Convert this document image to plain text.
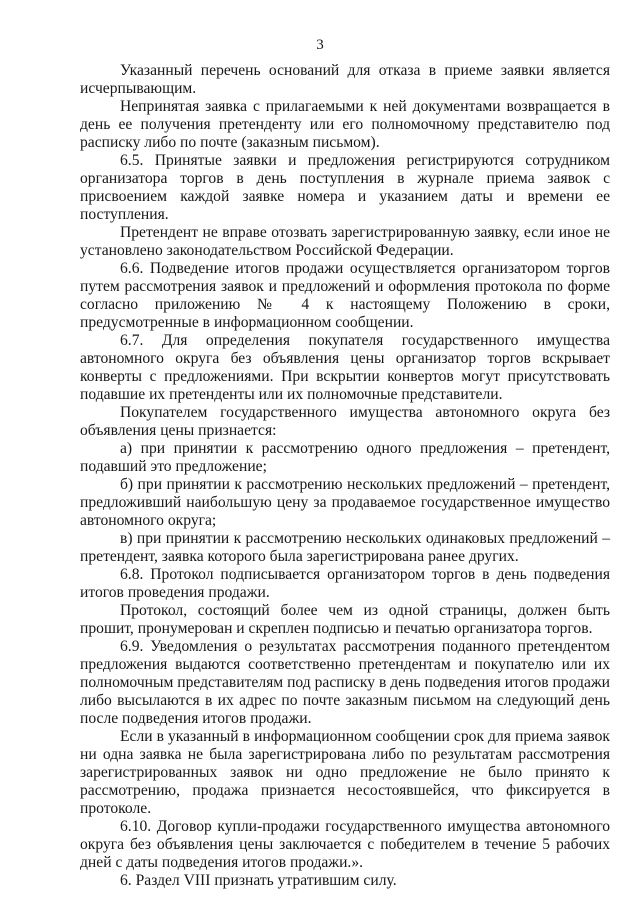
3

Указанный перечень оснований для отказа в приеме заявки является исчерпывающим.

Непринятая заявка с прилагаемыми к ней документами возвращается в день ее получения претенденту или его полномочному представителю под расписку либо по почте (заказным письмом).

6.5. Принятые заявки и предложения регистрируются сотрудником организатора торгов в день поступления в журнале приема заявок с присвоением каждой заявке номера и указанием даты и времени ее поступления.

Претендент не вправе отозвать зарегистрированную заявку, если иное не установлено законодательством Российской Федерации.

6.6. Подведение итогов продажи осуществляется организатором торгов путем рассмотрения заявок и предложений и оформления протокола по форме согласно приложению № 4 к настоящему Положению в сроки, предусмотренные в информационном сообщении.

6.7. Для определения покупателя государственного имущества автономного округа без объявления цены организатор торгов вскрывает конверты с предложениями. При вскрытии конвертов могут присутствовать подавшие их претенденты или их полномочные представители.

Покупателем государственного имущества автономного округа без объявления цены признается:

а) при принятии к рассмотрению одного предложения – претендент, подавший это предложение;

б) при принятии к рассмотрению нескольких предложений – претендент, предложивший наибольшую цену за продаваемое государственное имущество автономного округа;

в) при принятии к рассмотрению нескольких одинаковых предложений – претендент, заявка которого была зарегистрирована ранее других.

6.8. Протокол подписывается организатором торгов в день подведения итогов проведения продажи.

Протокол, состоящий более чем из одной страницы, должен быть прошит, пронумерован и скреплен подписью и печатью организатора торгов.

6.9. Уведомления о результатах рассмотрения поданного претендентом предложения выдаются соответственно претендентам и покупателю или их полномочным представителям под расписку в день подведения итогов продажи либо высылаются в их адрес по почте заказным письмом на следующий день после подведения итогов продажи.

Если в указанный в информационном сообщении срок для приема заявок ни одна заявка не была зарегистрирована либо по результатам рассмотрения зарегистрированных заявок ни одно предложение не было принято к рассмотрению, продажа признается несостоявшейся, что фиксируется в протоколе.

6.10. Договор купли-продажи государственного имущества автономного округа без объявления цены заключается с победителем в течение 5 рабочих дней с даты подведения итогов продажи.».

6. Раздел VIII признать утратившим силу.
